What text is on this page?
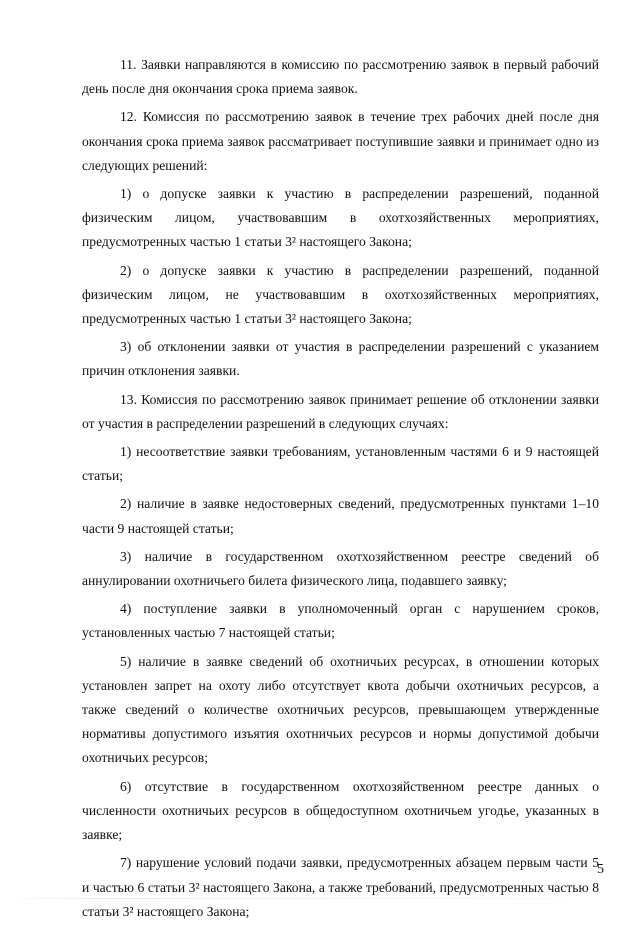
11. Заявки направляются в комиссию по рассмотрению заявок в первый рабочий день после дня окончания срока приема заявок.

12. Комиссия по рассмотрению заявок в течение трех рабочих дней после дня окончания срока приема заявок рассматривает поступившие заявки и принимает одно из следующих решений:

1) о допуске заявки к участию в распределении разрешений, поданной физическим лицом, участвовавшим в охотхозяйственных мероприятиях, предусмотренных частью 1 статьи 3² настоящего Закона;

2) о допуске заявки к участию в распределении разрешений, поданной физическим лицом, не участвовавшим в охотхозяйственных мероприятиях, предусмотренных частью 1 статьи 3² настоящего Закона;

3) об отклонении заявки от участия в распределении разрешений с указанием причин отклонения заявки.

13. Комиссия по рассмотрению заявок принимает решение об отклонении заявки от участия в распределении разрешений в следующих случаях:

1) несоответствие заявки требованиям, установленным частями 6 и 9 настоящей статьи;

2) наличие в заявке недостоверных сведений, предусмотренных пунктами 1–10 части 9 настоящей статьи;

3) наличие в государственном охотхозяйственном реестре сведений об аннулировании охотничьего билета физического лица, подавшего заявку;

4) поступление заявки в уполномоченный орган с нарушением сроков, установленных частью 7 настоящей статьи;

5) наличие в заявке сведений об охотничьих ресурсах, в отношении которых установлен запрет на охоту либо отсутствует квота добычи охотничьих ресурсов, а также сведений о количестве охотничьих ресурсов, превышающем утвержденные нормативы допустимого изъятия охотничьих ресурсов и нормы допустимой добычи охотничьих ресурсов;

6) отсутствие в государственном охотхозяйственном реестре данных о численности охотничьих ресурсов в общедоступном охотничьем угодье, указанных в заявке;

7) нарушение условий подачи заявки, предусмотренных абзацем первым части 5 и частью 6 статьи 3² настоящего Закона, а также требований, предусмотренных частью 8 статьи 3² настоящего Закона;

5
